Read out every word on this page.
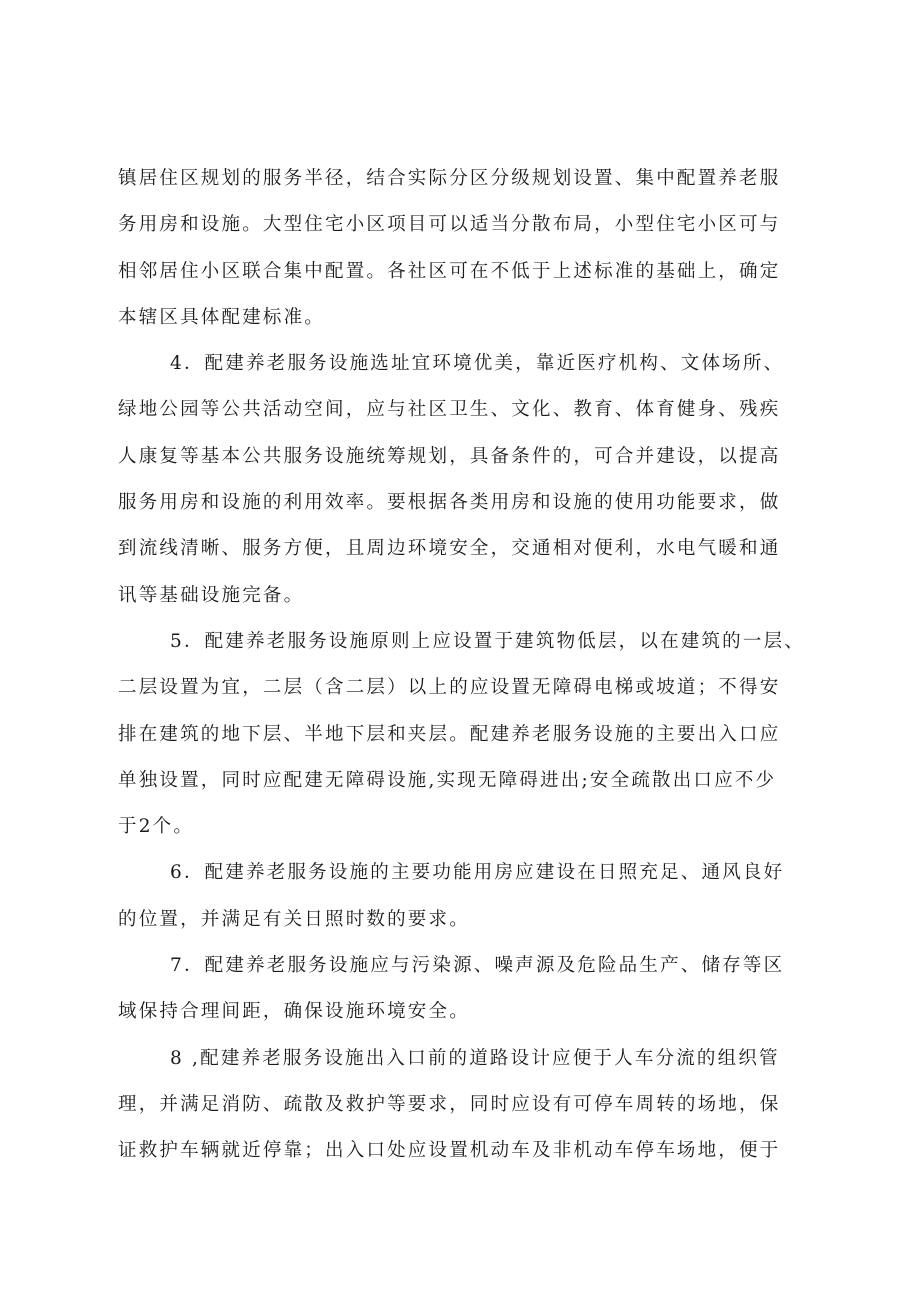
镇居住区规划的服务半径，结合实际分区分级规划设置、集中配置养老服
务用房和设施。大型住宅小区项目可以适当分散布局，小型住宅小区可与
相邻居住小区联合集中配置。各社区可在不低于上述标准的基础上，确定
本辖区具体配建标准。
4．配建养老服务设施选址宜环境优美，靠近医疗机构、文体场所、
绿地公园等公共活动空间，应与社区卫生、文化、教育、体育健身、残疾
人康复等基本公共服务设施统筹规划，具备条件的，可合并建设，以提高
服务用房和设施的利用效率。要根据各类用房和设施的使用功能要求，做
到流线清晰、服务方便，且周边环境安全，交通相对便利，水电气暖和通
讯等基础设施完备。
5．配建养老服务设施原则上应设置于建筑物低层，以在建筑的一层、
二层设置为宜，二层（含二层）以上的应设置无障碍电梯或坡道；不得安
排在建筑的地下层、半地下层和夹层。配建养老服务设施的主要出入口应
单独设置，同时应配建无障碍设施,实现无障碍进出;安全疏散出口应不少
于2个。
6．配建养老服务设施的主要功能用房应建设在日照充足、通风良好
的位置，并满足有关日照时数的要求。
7．配建养老服务设施应与污染源、噪声源及危险品生产、储存等区
域保持合理间距，确保设施环境安全。
8 ,配建养老服务设施出入口前的道路设计应便于人车分流的组织管
理，并满足消防、疏散及救护等要求，同时应设有可停车周转的场地，保
证救护车辆就近停靠；出入口处应设置机动车及非机动车停车场地，便于
